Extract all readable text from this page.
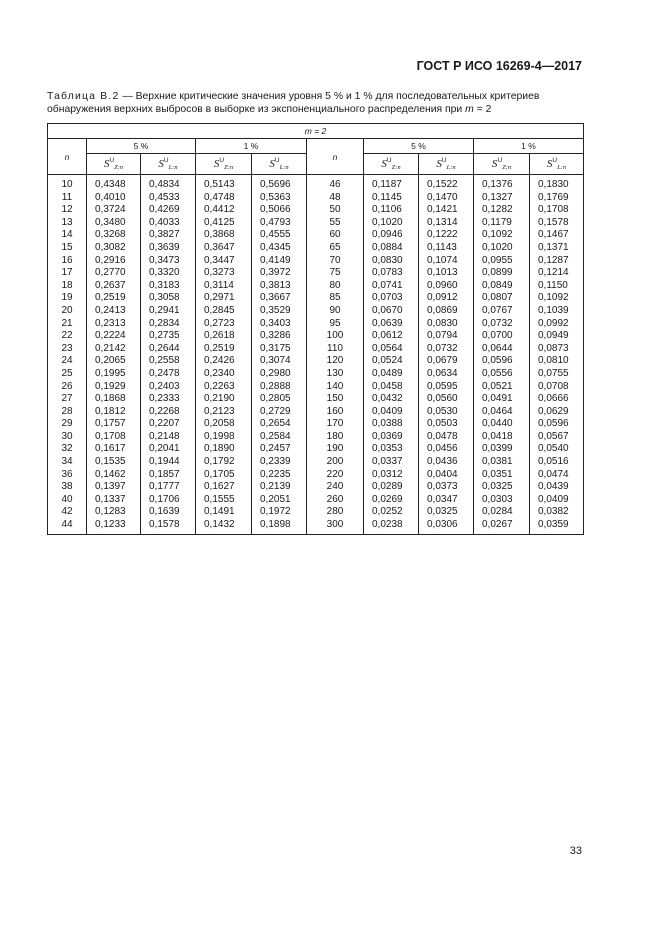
ГОСТ Р ИСО 16269-4—2017
Таблица В.2 — Верхние критические значения уровня 5 % и 1 % для последовательных критериев обнаружения верхних выбросов в выборке из экспоненциального распределения при m = 2
m = 2									
n	5 %		1 %		n	5 %		1 %	
	$S^U_{Z:n}$	$S^U_{L:n}$	$S^U_{Z:n}$	$S^U_{L:n}$		$S^U_{Z:n}$	$S^U_{L:n}$	$S^U_{Z:n}$	$S^U_{L:n}$
10	0,4348	0,4834	0,5143	0,5696	46	0,1187	0,1522	0,1376	0,1830
11	0,4010	0,4533	0,4748	0,5363	48	0,1145	0,1470	0,1327	0,1769
12	0,3724	0,4269	0,4412	0,5066	50	0,1106	0,1421	0,1282	0,1708
13	0,3480	0,4033	0,4125	0,4793	55	0,1020	0,1314	0,1179	0,1578
14	0,3268	0,3827	0,3868	0,4555	60	0,0946	0,1222	0,1092	0,1467
15	0,3082	0,3639	0,3647	0,4345	65	0,0884	0,1143	0,1020	0,1371
16	0,2916	0,3473	0,3447	0,4149	70	0,0830	0,1074	0,0955	0,1287
17	0,2770	0,3320	0,3273	0,3972	75	0,0783	0,1013	0,0899	0,1214
18	0,2637	0,3183	0,3114	0,3813	80	0,0741	0,0960	0,0849	0,1150
19	0,2519	0,3058	0,2971	0,3667	85	0,0703	0,0912	0,0807	0,1092
20	0,2413	0,2941	0,2845	0,3529	90	0,0670	0,0869	0,0767	0,1039
21	0,2313	0,2834	0,2723	0,3403	95	0,0639	0,0830	0,0732	0,0992
22	0,2224	0,2735	0,2618	0,3286	100	0,0612	0,0794	0,0700	0,0949
23	0,2142	0,2644	0,2519	0,3175	110	0,0564	0,0732	0,0644	0,0873
24	0,2065	0,2558	0,2426	0,3074	120	0,0524	0,0679	0,0596	0,0810
25	0,1995	0,2478	0,2340	0,2980	130	0,0489	0,0634	0,0556	0,0755
26	0,1929	0,2403	0,2263	0,2888	140	0,0458	0,0595	0,0521	0,0708
27	0,1868	0,2333	0,2190	0,2805	150	0,0432	0,0560	0,0491	0,0666
28	0,1812	0,2268	0,2123	0,2729	160	0,0409	0,0530	0,0464	0,0629
29	0,1757	0,2207	0,2058	0,2654	170	0,0388	0,0503	0,0440	0,0596
30	0,1708	0,2148	0,1998	0,2584	180	0,0369	0,0478	0,0418	0,0567
32	0,1617	0,2041	0,1890	0,2457	190	0,0353	0,0456	0,0399	0,0540
34	0,1535	0,1944	0,1792	0,2339	200	0,0337	0,0436	0,0381	0,0516
36	0,1462	0,1857	0,1705	0,2235	220	0,0312	0,0404	0,0351	0,0474
38	0,1397	0,1777	0,1627	0,2139	240	0,0289	0,0373	0,0325	0,0439
40	0,1337	0,1706	0,1555	0,2051	260	0,0269	0,0347	0,0303	0,0409
42	0,1283	0,1639	0,1491	0,1972	280	0,0252	0,0325	0,0284	0,0382
44	0,1233	0,1578	0,1432	0,1898	300	0,0238	0,0306	0,0267	0,0359
33
